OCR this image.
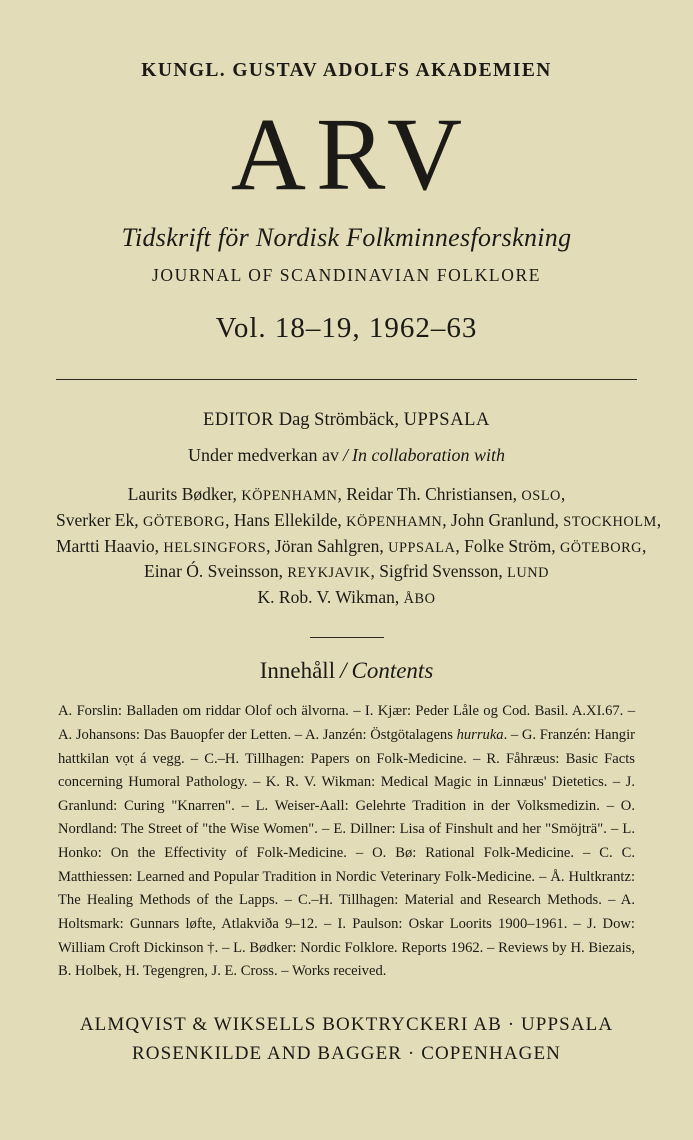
KUNGL. GUSTAV ADOLFS AKADEMIEN
ARV
Tidskrift för Nordisk Folkminnesforskning
JOURNAL OF SCANDINAVIAN FOLKLORE
Vol. 18–19, 1962–63
EDITOR Dag Strömbäck, UPPSALA
Under medverkan av / In collaboration with
Laurits Bødker, KÖPENHAMN, Reidar Th. Christiansen, OSLO,
Sverker Ek, GÖTEBORG, Hans Ellekilde, KÖPENHAMN, John Granlund, STOCKHOLM,
Martti Haavio, HELSINGFORS, Jöran Sahlgren, UPPSALA, Folke Ström, GÖTEBORG,
Einar Ó. Sveinsson, REYKJAVIK, Sigfrid Svensson, LUND
K. Rob. V. Wikman, ÅBO
Innehåll / Contents
A. Forslin: Balladen om riddar Olof och älvorna. – I. Kjær: Peder Låle og Cod. Basil. A.XI.67. – A. Johansons: Das Bauopfer der Letten. – A. Janzén: Östgötalagens hurruka. – G. Franzén: Hangir hattkilan vọt á vegg. – C.–H. Tillhagen: Papers on Folk-Medicine. – R. Fåhræus: Basic Facts concerning Humoral Pathology. – K. R. V. Wikman: Medical Magic in Linnæus' Dietetics. – J. Granlund: Curing "Knarren". – L. Weiser-Aall: Gelehrte Tradition in der Volksmedizin. – O. Nordland: The Street of "the Wise Women". – E. Dillner: Lisa of Finshult and her "Smöjträ". – L. Honko: On the Effectivity of Folk-Medicine. – O. Bø: Rational Folk-Medicine. – C. C. Matthiessen: Learned and Popular Tradition in Nordic Veterinary Folk-Medicine. – Å. Hultkrantz: The Healing Methods of the Lapps. – C.–H. Tillhagen: Material and Research Methods. – A. Holtsmark: Gunnars løfte, Atlakviða 9–12. – I. Paulson: Oskar Loorits 1900–1961. – J. Dow: William Croft Dickinson †. – L. Bødker: Nordic Folklore. Reports 1962. – Reviews by H. Biezais, B. Holbek, H. Tegengren, J. E. Cross. – Works received.
ALMQVIST & WIKSELLS BOKTRYCKERI AB · UPPSALA
ROSENKILDE AND BAGGER · COPENHAGEN
